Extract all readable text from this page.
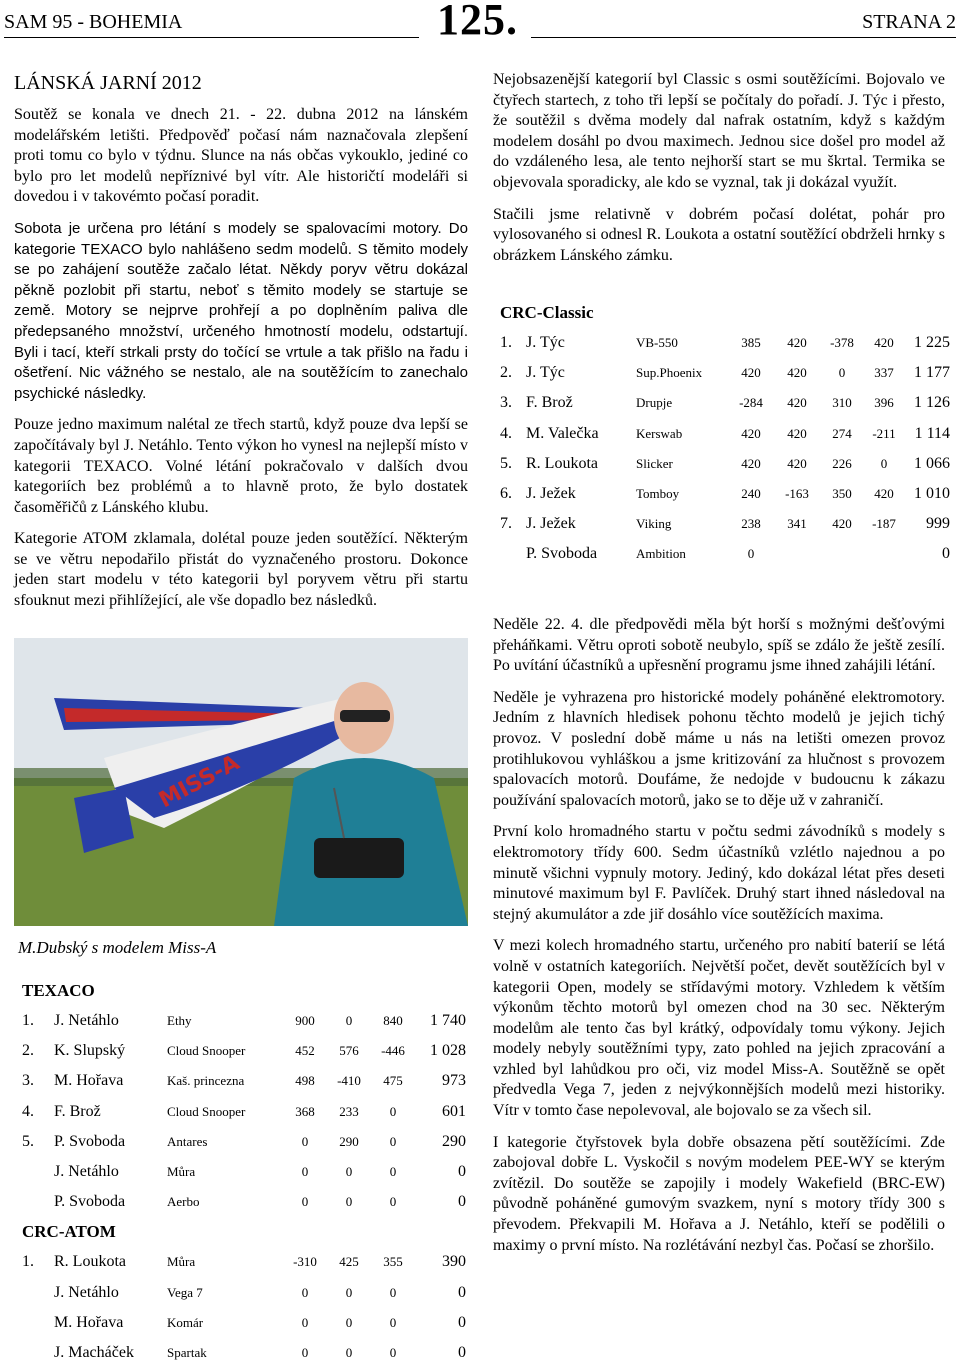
SAM 95 - BOHEMIA	125.	STRANA 2
LÁNSKÁ JARNÍ 2012

Soutěž se konala ve dnech 21. - 22. dubna 2012 na lánském modelářském letišti. Předpověď počasí nám naznačovala zlepšení proti tomu co bylo v týdnu. Slunce na nás občas vykouklo, jediné co bylo pro let modelů nepříznivé byl vítr. Ale historičtí modeláři si dovedou i v takovémto počasí poradit.

Sobota je určena pro létání s modely se spalovacími motory. Do kategorie TEXACO bylo nahlášeno sedm modelů. S těmito modely se po zahájení soutěže začalo létat. Někdy poryv větru dokázal pěkně pozlobit při startu, neboť s těmito modely se startuje se země. Motory se nejprve prohřejí a po doplněním paliva dle předepsaného množství, určeného hmotností modelu, odstartují. Byli i tací, kteří strkali prsty do točící se vrtule a tak přišlo na řadu i ošetření. Nic vážného se nestalo, ale na soutěžícím to zanechalo psychické následky.

Pouze jedno maximum nalétal ze třech startů, když pouze dva lepší se započítávaly byl J. Netáhlo. Tento výkon ho vynesl na nejlepší místo v kategorii TEXACO. Volné létání pokračovalo v dalších dvou kategoriích bez problémů a to hlavně proto, že bylo dostatek časoměřičů z Lánského klubu.

Kategorie ATOM zklamala, dolétal pouze jeden soutěžící. Některým se ve větru nepodařilo přistát do vyznačeného prostoru. Dokonce jeden start modelu v této kategorii byl poryvem větru při startu sfouknut mezi přihlížející, ale vše dopadlo bez následků.

MISS-A
M.Dubský s modelem Miss-A
TEXACO
1.	J. Netáhlo	Ethy	900	0	840	1 740
2.	K. Slupský	Cloud Snooper	452	576	-446	1 028
3.	M. Hořava	Kaš. princezna	498	-410	475	973
4.	F. Brož	Cloud Snooper	368	233	0	601
5.	P. Svoboda	Antares	0	290	0	290
	J. Netáhlo	Můra	0	0	0	0
	P. Svoboda	Aerbo	0	0	0	0
CRC-ATOM
1.	R. Loukota	Můra	-310	425	355	390
	J. Netáhlo	Vega 7	0	0	0	0
	M. Hořava	Komár	0	0	0	0
	J. Macháček	Spartak	0	0	0	0

Nejobsazenější kategorií byl Classic s osmi soutěžícími. Bojovalo ve čtyřech startech, z toho tři lepší se počítaly do pořadí. J. Týc i přesto, že soutěžil s dvěma modely dal nafrak ostatním, když s každým modelem dosáhl po dvou maximech. Jednou sice došel pro model až do vzdáleného lesa, ale tento nejhorší start se mu škrtal. Termika se objevovala sporadicky, ale kdo se vyznal, tak ji dokázal využít.

Stačili jsme relativně v dobrém počasí dolétat, pohár pro vylosovaného si odnesl R. Loukota a ostatní soutěžící obdrželi hrnky s obrázkem Lánského zámku.

CRC-Classic
1.	J. Týc	VB-550	385	420	-378	420	1 225
2.	J. Týc	Sup.Phoenix	420	420	0	337	1 177
3.	F. Brož	Drupje	-284	420	310	396	1 126
4.	M. Valečka	Kerswab	420	420	274	-211	1 114
5.	R. Loukota	Slicker	420	420	226	0	1 066
6.	J. Ježek	Tomboy	240	-163	350	420	1 010
7.	J. Ježek	Viking	238	341	420	-187	999
	P. Svoboda	Ambition	0				0

Neděle 22. 4. dle předpovědi měla být horší s možnými dešťovými přeháňkami. Větru oproti sobotě neubylo, spíš se zdálo že ještě zesílí. Po uvítání účastníků a upřesnění programu jsme ihned zahájili létání.

Neděle je vyhrazena pro historické modely poháněné elektromotory. Jedním z hlavních hledisek pohonu těchto modelů je jejich tichý provoz. V poslední době máme u nás na letišti omezen provoz protihlukovou vyhláškou a jsme kritizování za hlučnost s provozem spalovacích motorů. Doufáme, že nedojde v budoucnu k zákazu používání spalovacích motorů, jako se to děje už v zahraničí.

První kolo hromadného startu v počtu sedmi závodníků s modely s elektromotory třídy 600. Sedm účastníků vzlétlo najednou a po minutě všichni vypnuly motory. Jediný, kdo dokázal létat přes deseti minutové maximum byl F. Pavlíček. Druhý start ihned následoval na stejný akumulátor a zde jiř dosáhlo více soutěžících maxima.

V mezi kolech hromadného startu, určeného pro nabití baterií se létá volně v ostatních kategoriích. Největší počet, devět soutěžících byl v kategorii Open, modely se střídavými motory. Vzhledem k větším výkonům těchto motorů byl omezen chod na 30 sec. Některým modelům ale tento čas byl krátký, odpovídaly tomu výkony. Jejich modely nebyly soutěžními typy, zato pohled na jejich zpracování a vzhled byl lahůdkou pro oči, viz model Miss-A. Soutěžně se opět předvedla Vega 7, jeden z nejvýkonnějších modelů mezi historiky. Vítr v tomto čase nepolevoval, ale bojovalo se za všech sil.

I kategorie čtyřstovek byla dobře obsazena pětí soutěžícími. Zde zabojoval dobře L. Vyskočil s novým modelem PEE-WY se kterým zvítězil. Do soutěže se zapojily i modely Wakefield (BRC-EW) původně poháněné gumovým svazkem, nyní s motory třídy 300 s převodem. Překvapili M. Hořava a J. Netáhlo, kteří se podělili o maximy o první místo. Na rozlétávání nezbyl čas. Počasí se zhoršilo.
